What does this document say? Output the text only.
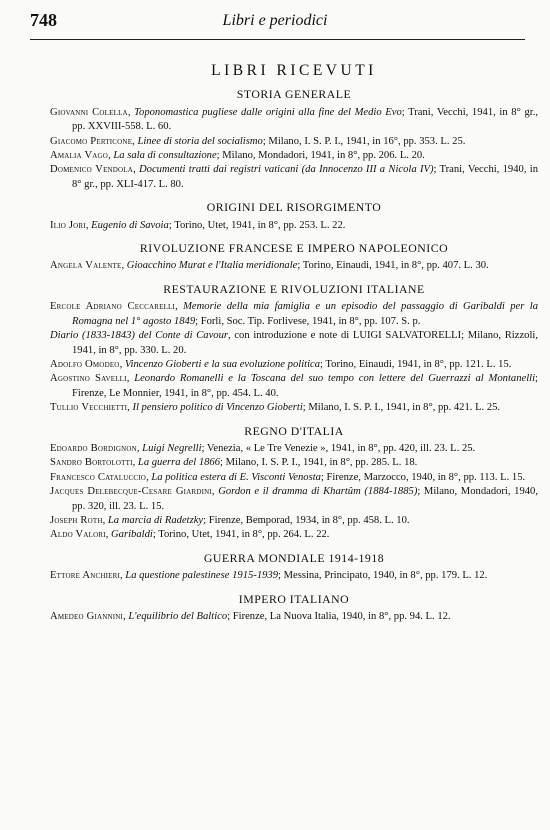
748	Libri e periodici
LIBRI RICEVUTI
STORIA GENERALE

Giovanni Colella, Toponomastica pugliese dalle origini alla fine del Medio Evo; Trani, Vecchi, 1941, in 8° gr., pp. XXVIII-558. L. 60.

Giacomo Perticone, Linee di storia del socialismo; Milano, I. S. P. I., 1941, in 16°, pp. 353. L. 25.

Amalia Vago, La sala di consultazione; Milano, Mondadori, 1941, in 8°, pp. 206. L. 20.

Domenico Vendola, Documenti tratti dai registri vaticani (da Innocenzo III a Nicola IV); Trani, Vecchi, 1940, in 8° gr., pp. XLI-417. L. 80.

ORIGINI DEL RISORGIMENTO

Ilio Jori, Eugenio di Savoia; Torino, Utet, 1941, in 8°, pp. 253. L. 22.

RIVOLUZIONE FRANCESE E IMPERO NAPOLEONICO

Angela Valente, Gioacchino Murat e l'Italia meridionale; Torino, Einaudi, 1941, in 8°, pp. 407. L. 30.

RESTAURAZIONE E RIVOLUZIONI ITALIANE

Ercole Adriano Ceccarelli, Memorie della mia famiglia e un episodio del passaggio di Garibaldi per la Romagna nel 1° agosto 1849; Forlì, Soc. Tip. Forlivese, 1941, in 8°, pp. 107. S. p.

Diario (1833-1843) del Conte di Cavour, con introduzione e note di LUIGI SALVATORELLI; Milano, Rizzoli, 1941, in 8°, pp. 330. L. 20.

Adolfo Omodeo, Vincenzo Gioberti e la sua evoluzione politica; Torino, Einaudi, 1941, in 8°, pp. 121. L. 15.

Agostino Savelli, Leonardo Romanelli e la Toscana del suo tempo con lettere del Guerrazzi al Montanelli; Firenze, Le Monnier, 1941, in 8°, pp. 454. L. 40.

Tullio Vecchietti, Il pensiero politico di Vincenzo Gioberti; Milano, I. S. P. I., 1941, in 8°, pp. 421. L. 25.

REGNO D'ITALIA

Edoardo Bordignon, Luigi Negrelli; Venezia, « Le Tre Venezie », 1941, in 8°, pp. 420, ill. 23. L. 25.

Sandro Bortolotti, La guerra del 1866; Milano, I. S. P. I., 1941, in 8°, pp. 285. L. 18.

Francesco Cataluccio, La politica estera di E. Visconti Venosta; Firenze, Marzocco, 1940, in 8°, pp. 113. L. 15.

Jacques Delebecque-Cesare Giardini, Gordon e il dramma di Khartûm (1884-1885); Milano, Mondadori, 1940, pp. 320, ill. 23. L. 15.

Joseph Roth, La marcia di Radetzky; Firenze, Bemporad, 1934, in 8°, pp. 458. L. 10.

Aldo Valori, Garibaldi; Torino, Utet, 1941, in 8°, pp. 264. L. 22.

GUERRA MONDIALE 1914-1918

Ettore Anchieri, La questione palestinese 1915-1939; Messina, Principato, 1940, in 8°, pp. 179. L. 12.

IMPERO ITALIANO

Amedeo Giannini, L'equilibrio del Baltico; Firenze, La Nuova Italia, 1940, in 8°, pp. 94. L. 12.
